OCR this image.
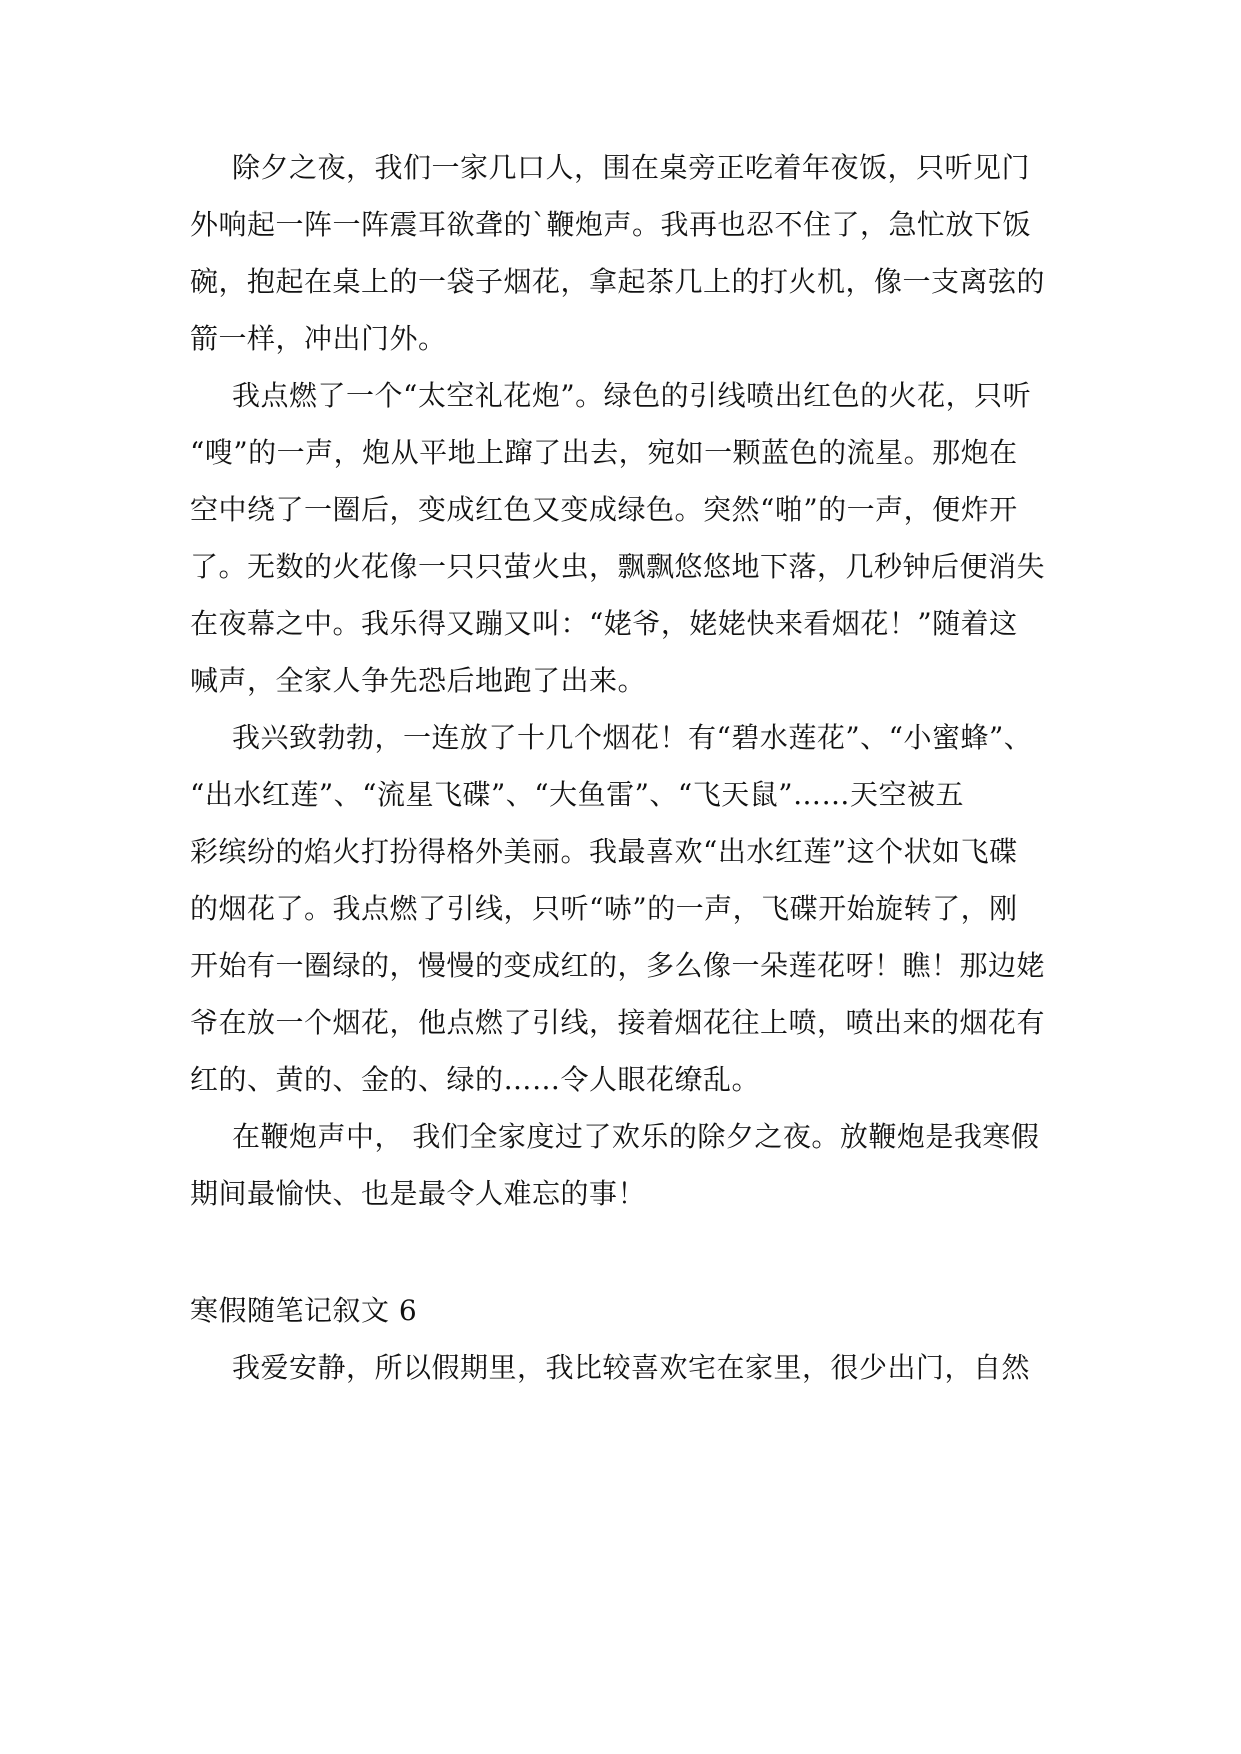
除夕之夜，我们一家几口人，围在桌旁正吃着年夜饭，只听见门
外响起一阵一阵震耳欲聋的`鞭炮声。我再也忍不住了，急忙放下饭
碗，抱起在桌上的一袋子烟花，拿起茶几上的打火机，像一支离弦的
箭一样，冲出门外。
我点燃了一个“太空礼花炮”。绿色的引线喷出红色的火花，只听
“嗖”的一声，炮从平地上蹿了出去，宛如一颗蓝色的流星。那炮在
空中绕了一圈后，变成红色又变成绿色。突然“啪”的一声，便炸开
了。无数的火花像一只只萤火虫，飘飘悠悠地下落，几秒钟后便消失
在夜幕之中。我乐得又蹦又叫：“姥爷，姥姥快来看烟花！”随着这
喊声，全家人争先恐后地跑了出来。
我兴致勃勃，一连放了十几个烟花！有“碧水莲花”、“小蜜蜂”、
“出水红莲”、“流星飞碟”、“大鱼雷”、“飞天鼠”……天空被五
彩缤纷的焰火打扮得格外美丽。我最喜欢“出水红莲”这个状如飞碟
的烟花了。我点燃了引线，只听“哧”的一声，飞碟开始旋转了，刚
开始有一圈绿的，慢慢的变成红的，多么像一朵莲花呀！瞧！那边姥
爷在放一个烟花，他点燃了引线，接着烟花往上喷，喷出来的烟花有
红的、黄的、金的、绿的……令人眼花缭乱。
在鞭炮声中， 我们全家度过了欢乐的除夕之夜。放鞭炮是我寒假
期间最愉快、也是最令人难忘的事！
寒假随笔记叙文 6
我爱安静，所以假期里，我比较喜欢宅在家里，很少出门，自然
